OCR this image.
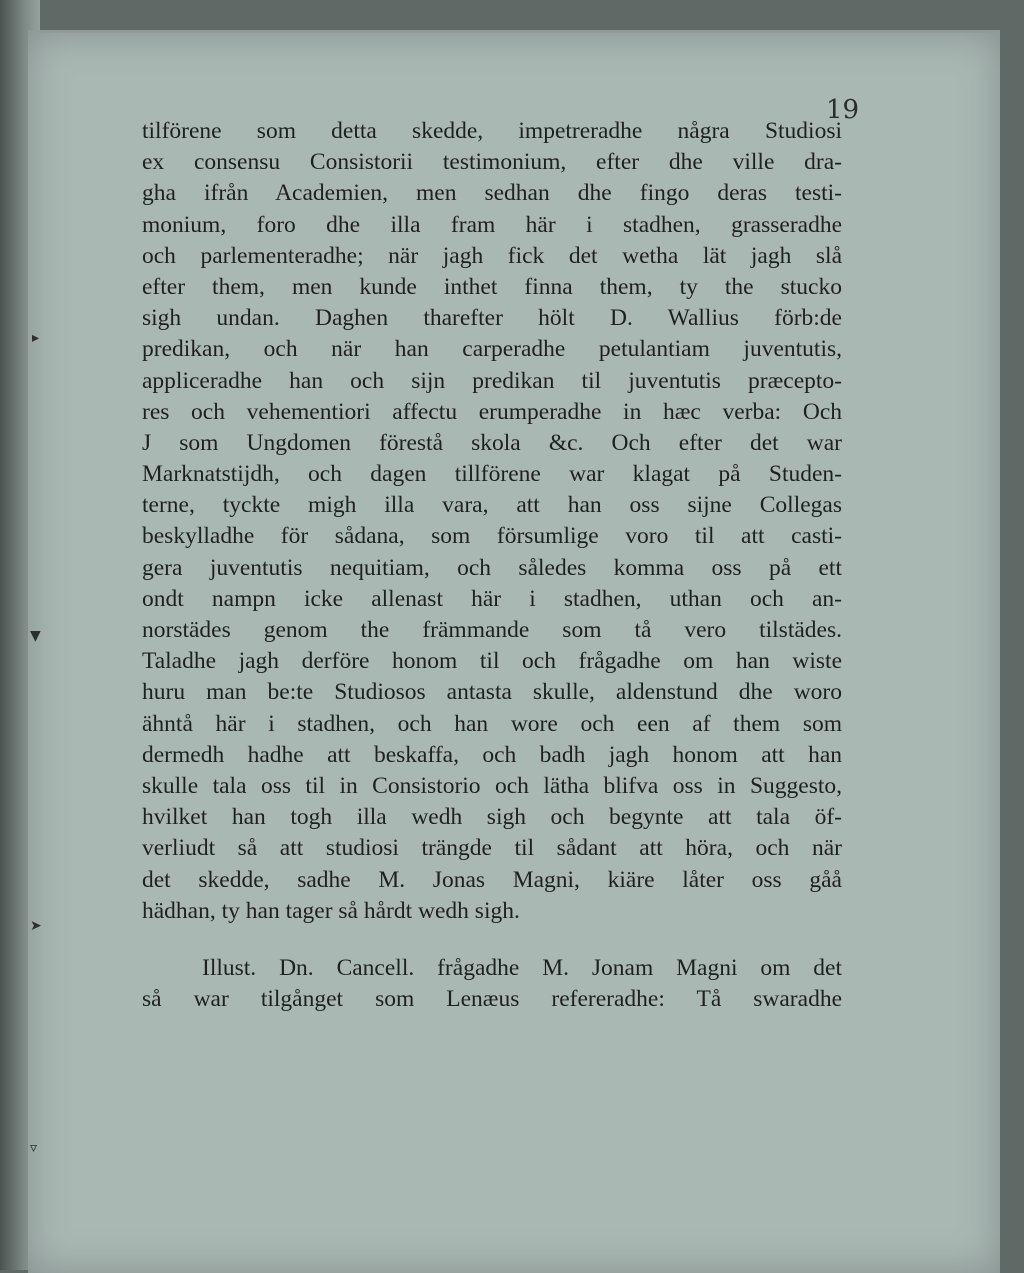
19
▸
▼
➤
▿
tilförene som detta skedde, impetreradhe några Studiosi
ex consensu Consistorii testimonium, efter dhe ville dra-
gha ifrån Academien, men sedhan dhe fingo deras testi-
monium, foro dhe illa fram här i stadhen, grasseradhe
och parlementeradhe; när jagh fick det wetha lät jagh slå
efter them, men kunde inthet finna them, ty the stucko
sigh undan. Daghen tharefter hölt D. Wallius förb:de
predikan, och när han carperadhe petulantiam juventutis,
appliceradhe han och sijn predikan til juventutis præcepto-
res och vehementiori affectu erumperadhe in hæc verba: Och
J som Ungdomen förestå skola &c. Och efter det war
Marknatstijdh, och dagen tillförene war klagat på Studen-
terne, tyckte migh illa vara, att han oss sijne Collegas
beskylladhe för sådana, som försumlige voro til att casti-
gera juventutis nequitiam, och således komma oss på ett
ondt nampn icke allenast här i stadhen, uthan och an-
norstädes genom the främmande som tå vero tilstädes.
Taladhe jagh derföre honom til och frågadhe om han wiste
huru man be:te Studiosos antasta skulle, aldenstund dhe woro
ähntå här i stadhen, och han wore och een af them som
dermedh hadhe att beskaffa, och badh jagh honom att han
skulle tala oss til in Consistorio och lätha blifva oss in Suggesto,
hvilket han togh illa wedh sigh och begynte att tala öf-
verliudt så att studiosi trängde til sådant att höra, och när
det skedde, sadhe M. Jonas Magni, kiäre låter oss gåå
hädhan, ty han tager så hårdt wedh sigh.
Illust. Dn. Cancell. frågadhe M. Jonam Magni om det
så war tilgånget som Lenæus refereradhe: Tå swaradhe
